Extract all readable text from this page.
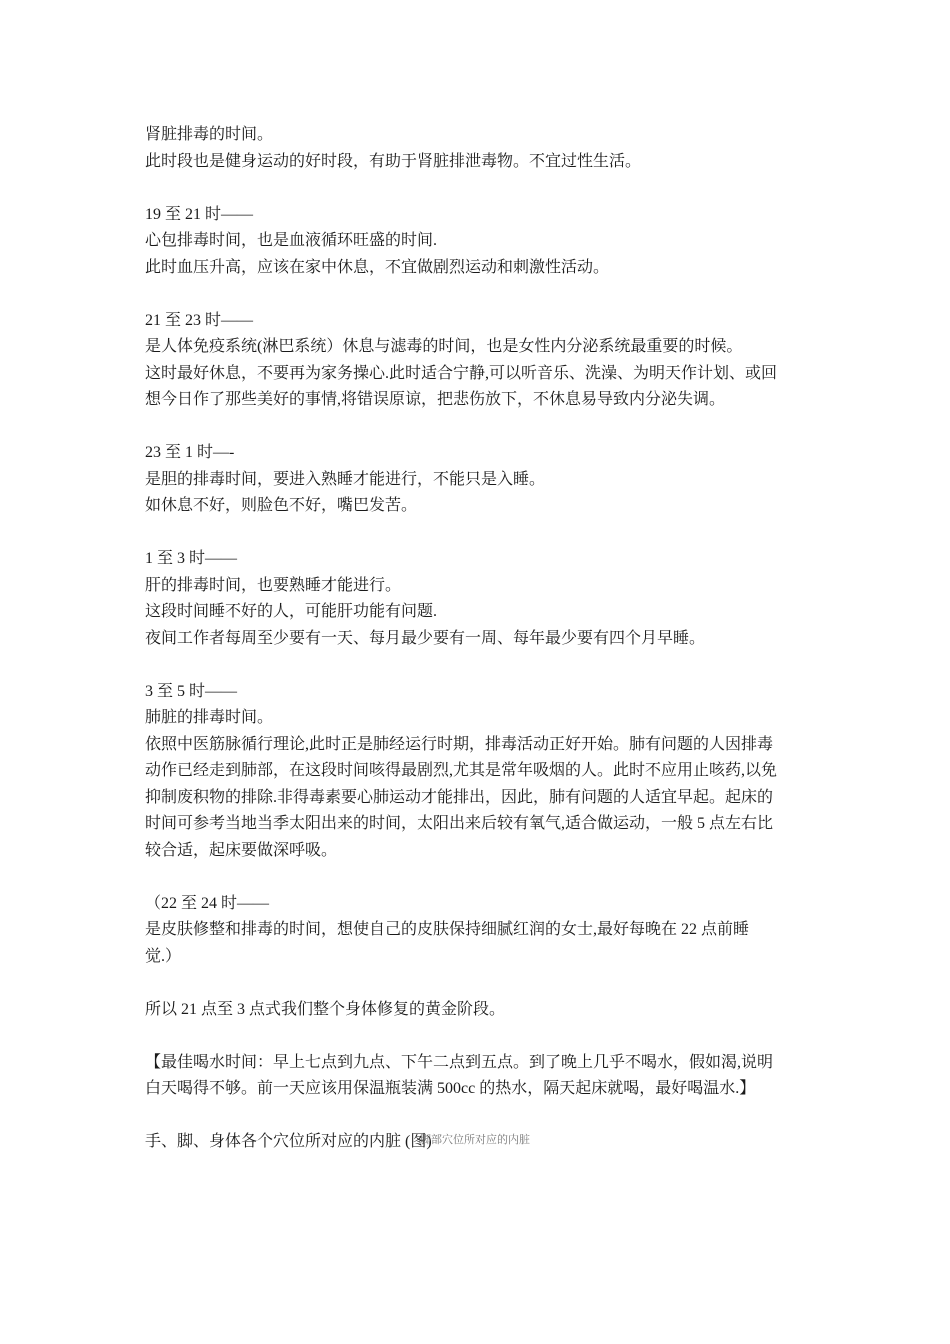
肾脏排毒的时间。

此时段也是健身运动的好时段，有助于肾脏排泄毒物。不宜过性生活。

19 至 21 时——

心包排毒时间，也是血液循环旺盛的时间.

此时血压升高，应该在家中休息，不宜做剧烈运动和刺激性活动。

21 至 23 时——

是人体免疫系统(淋巴系统）休息与滤毒的时间，也是女性内分泌系统最重要的时候。

这时最好休息，不要再为家务操心.此时适合宁静,可以听音乐、洗澡、为明天作计划、或回

想今日作了那些美好的事情,将错误原谅，把悲伤放下，不休息易导致内分泌失调。

23 至 1 时—-

是胆的排毒时间，要进入熟睡才能进行，不能只是入睡。

如休息不好，则脸色不好，嘴巴发苦。

1 至 3 时——

肝的排毒时间，也要熟睡才能进行。

这段时间睡不好的人，可能肝功能有问题.

夜间工作者每周至少要有一天、每月最少要有一周、每年最少要有四个月早睡。

3 至 5 时——

肺脏的排毒时间。

依照中医筋脉循行理论,此时正是肺经运行时期，排毒活动正好开始。肺有问题的人因排毒

动作已经走到肺部，在这段时间咳得最剧烈,尤其是常年吸烟的人。此时不应用止咳药,以免

抑制废积物的排除.非得毒素要心肺运动才能排出，因此，肺有问题的人适宜早起。起床的

时间可参考当地当季太阳出来的时间，太阳出来后较有氧气,适合做运动，一般 5 点左右比

较合适，起床要做深呼吸。

（22 至 24 时——

是皮肤修整和排毒的时间，想使自己的皮肤保持细腻红润的女士,最好每晚在 22 点前睡

觉.）

所以 21 点至 3 点式我们整个身体修复的黄金阶段。

【最佳喝水时间：早上七点到九点、下午二点到五点。到了晚上几乎不喝水，假如渴,说明

白天喝得不够。前一天应该用保温瓶装满 500cc 的热水，隔天起床就喝，最好喝温水.】

手、脚、身体各个穴位所对应的内脏 (图)

脚部穴位所对应的内脏
